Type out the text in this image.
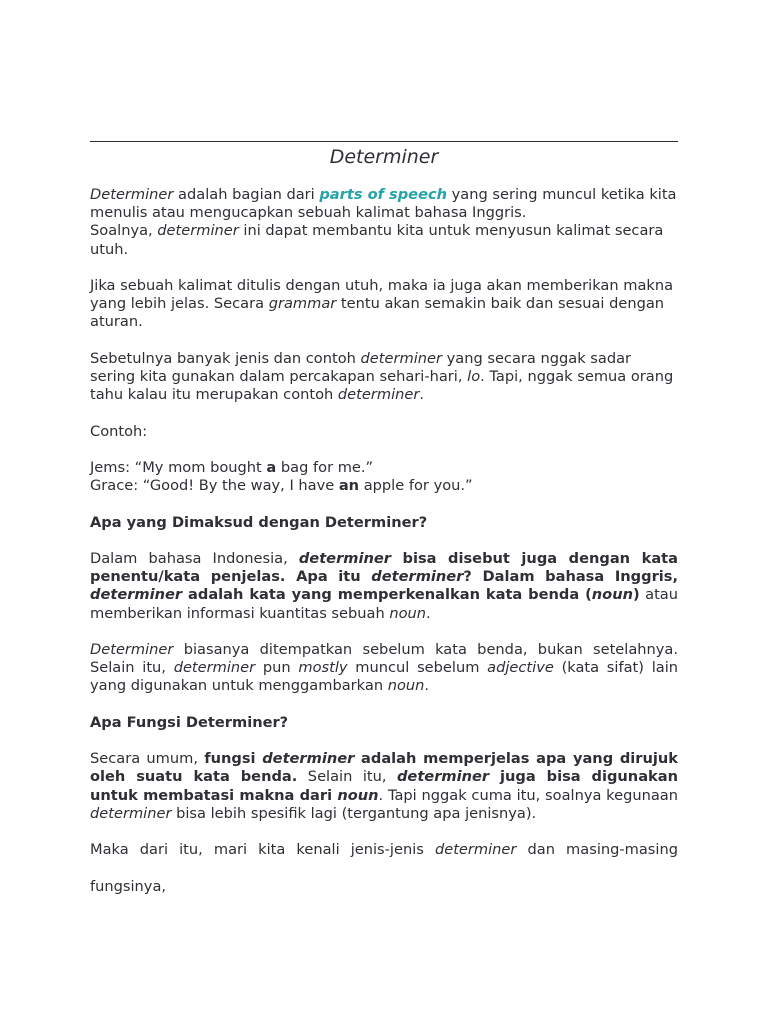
Determiner

Determiner adalah bagian dari parts of speech yang sering muncul ketika kita menulis atau mengucapkan sebuah kalimat bahasa Inggris.
Soalnya, determiner ini dapat membantu kita untuk menyusun kalimat secara utuh.

Jika sebuah kalimat ditulis dengan utuh, maka ia juga akan memberikan makna yang lebih jelas. Secara grammar tentu akan semakin baik dan sesuai dengan aturan.

Sebetulnya banyak jenis dan contoh determiner yang secara nggak sadar sering kita gunakan dalam percakapan sehari-hari, lo. Tapi, nggak semua orang tahu kalau itu merupakan contoh determiner.

Contoh:

Jems: “My mom bought a bag for me.”
Grace: “Good! By the way, I have an apple for you.”

Apa yang Dimaksud dengan Determiner?

Dalam bahasa Indonesia, determiner bisa disebut juga dengan kata penentu/kata penjelas. Apa itu determiner? Dalam bahasa Inggris, determiner adalah kata yang memperkenalkan kata benda (noun) atau memberikan informasi kuantitas sebuah noun.

Determiner biasanya ditempatkan sebelum kata benda, bukan setelahnya. Selain itu, determiner pun mostly muncul sebelum adjective (kata sifat) lain yang digunakan untuk menggambarkan noun.

Apa Fungsi Determiner?

Secara umum, fungsi determiner adalah memperjelas apa yang dirujuk oleh suatu kata benda. Selain itu, determiner juga bisa digunakan untuk membatasi makna dari noun. Tapi nggak cuma itu, soalnya kegunaan determiner bisa lebih spesifik lagi (tergantung apa jenisnya).

Maka dari itu, mari kita kenali jenis-jenis determiner dan masing-masing

fungsinya,
